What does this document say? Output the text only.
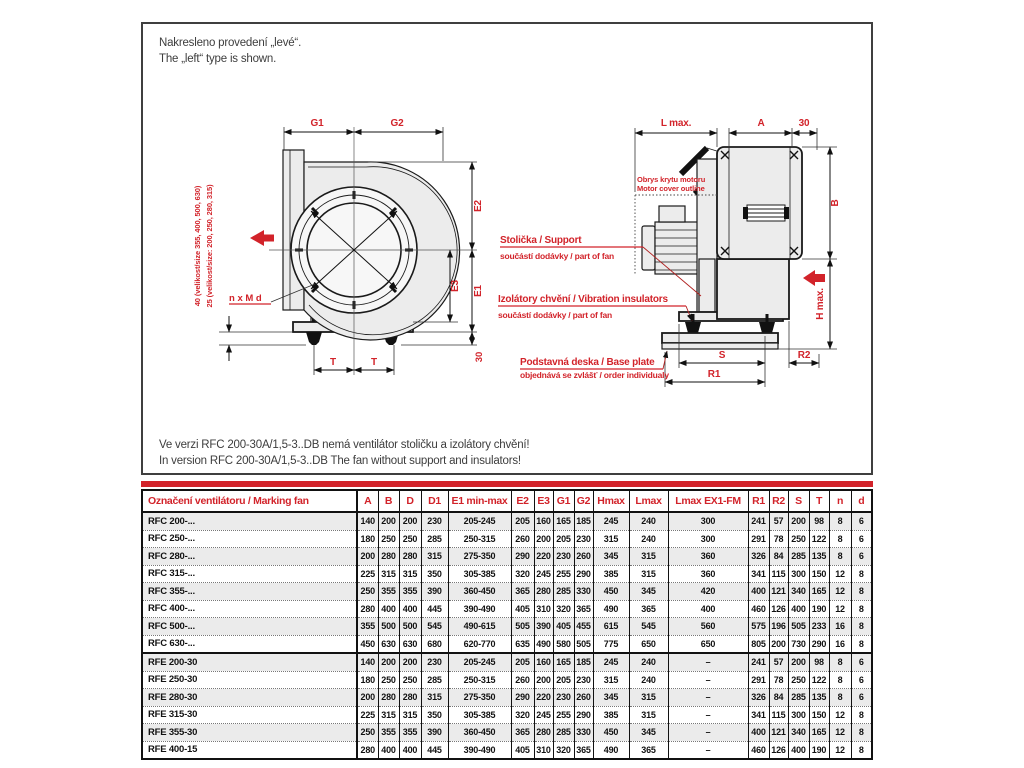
Nakresleno provedení „levé“.
The „left“ type is shown.
G1	G2
E2
E1
E3
30
T	T
40 (velikost/size 355, 400, 500, 630) 25 (velikost/size: 200, 250, 280, 315) n x M d
L max.	A	30
B
H max.
S	R2
R1
Obrys krytu motoru
Motor cover outline
Stolička / Support
součástí dodávky / part of fan
Izolátory chvění / Vibration insulators
součástí dodávky / part of fan
Podstavná deska / Base plate
objednává se zvlášť / order individualy
Ve verzi RFC 200-30A/1,5-3..DB nemá ventilátor stoličku a izolátory chvění!
In version RFC 200-30A/1,5-3..DB The fan without support and insulators!
Označení ventilátoru / Marking fan	A	B	D	D1	E1 min-max	E2	E3	G1	G2	Hmax	Lmax	Lmax EX1-FM	R1	R2	S	T	n	d
RFC 200-...	140	200	200	230	205-245	205	160	165	185	245	240	300	241	57	200	98	8	6
RFC 250-...	180	250	250	285	250-315	260	200	205	230	315	240	300	291	78	250	122	8	6
RFC 280-...	200	280	280	315	275-350	290	220	230	260	345	315	360	326	84	285	135	8	6
RFC 315-...	225	315	315	350	305-385	320	245	255	290	385	315	360	341	115	300	150	12	8
RFC 355-...	250	355	355	390	360-450	365	280	285	330	450	345	420	400	121	340	165	12	8
RFC 400-...	280	400	400	445	390-490	405	310	320	365	490	365	400	460	126	400	190	12	8
RFC 500-...	355	500	500	545	490-615	505	390	405	455	615	545	560	575	196	505	233	16	8
RFC 630-...	450	630	630	680	620-770	635	490	580	505	775	650	650	805	200	730	290	16	8
RFE 200-30	140	200	200	230	205-245	205	160	165	185	245	240	–	241	57	200	98	8	6
RFE 250-30	180	250	250	285	250-315	260	200	205	230	315	240	–	291	78	250	122	8	6
RFE 280-30	200	280	280	315	275-350	290	220	230	260	345	315	–	326	84	285	135	8	6
RFE 315-30	225	315	315	350	305-385	320	245	255	290	385	315	–	341	115	300	150	12	8
RFE 355-30	250	355	355	390	360-450	365	280	285	330	450	345	–	400	121	340	165	12	8
RFE 400-15	280	400	400	445	390-490	405	310	320	365	490	365	–	460	126	400	190	12	8
